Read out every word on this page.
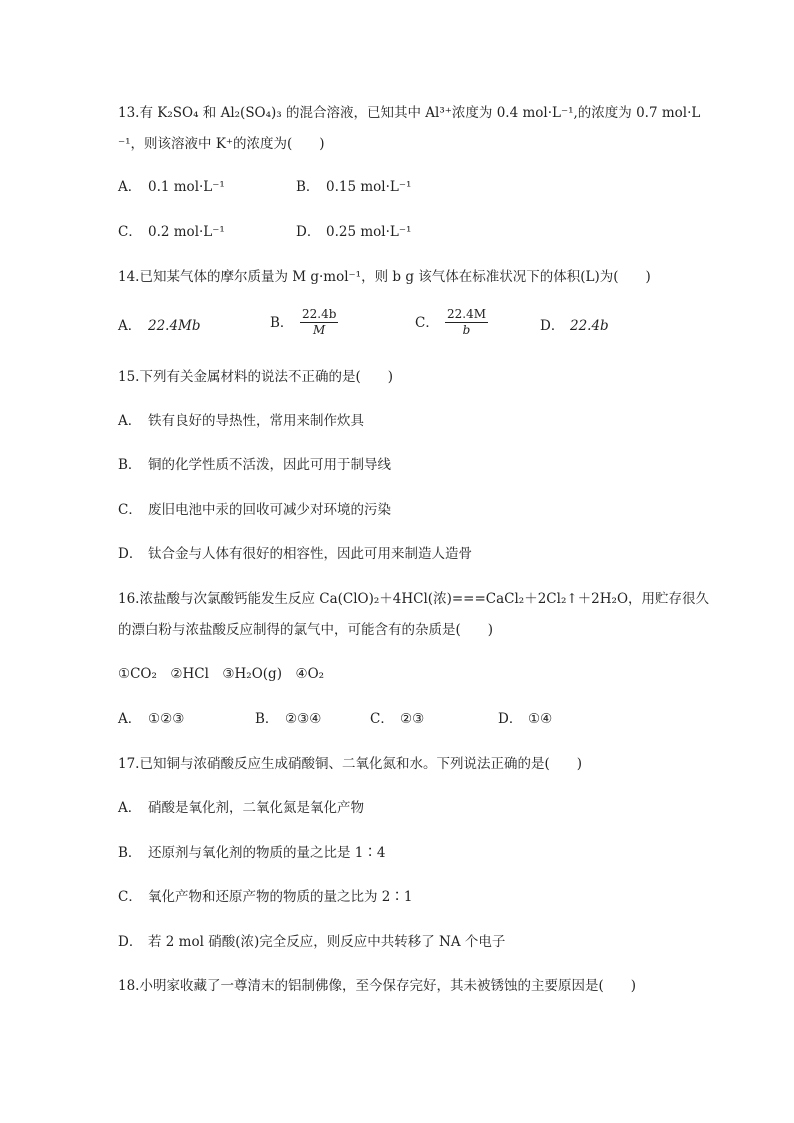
13.有 K₂SO₄ 和 Al₂(SO₄)₃ 的混合溶液，已知其中 Al³⁺浓度为 0.4 mol·L⁻¹,的浓度为 0.7 mol·L
⁻¹，则该溶液中 K⁺的浓度为(　　)
A． 0.1 mol·L⁻¹	B． 0.15 mol·L⁻¹
C． 0.2 mol·L⁻¹	D． 0.25 mol·L⁻¹
14.已知某气体的摩尔质量为 M g·mol⁻¹，则 b g 该气体在标准状况下的体积(L)为(　　)
A． 22.4Mb	B． $\frac{22.4b}{M}$	C． $\frac{22.4M}{b}$	D． 22.4b
15.下列有关金属材料的说法不正确的是(　　)
A． 铁有良好的导热性，常用来制作炊具
B． 铜的化学性质不活泼，因此可用于制导线
C． 废旧电池中汞的回收可减少对环境的污染
D． 钛合金与人体有很好的相容性，因此可用来制造人造骨
16.浓盐酸与次氯酸钙能发生反应 Ca(ClO)₂＋4HCl(浓)===CaCl₂＋2Cl₂↑＋2H₂O，用贮存很久
的漂白粉与浓盐酸反应制得的氯气中，可能含有的杂质是(　　)
①CO₂　②HCl　③H₂O(g)　④O₂
A． ①②③	B． ②③④	C． ②③	D． ①④
17.已知铜与浓硝酸反应生成硝酸铜、二氧化氮和水。下列说法正确的是(　　)
A． 硝酸是氧化剂，二氧化氮是氧化产物
B． 还原剂与氧化剂的物质的量之比是 1∶4
C． 氧化产物和还原产物的物质的量之比为 2∶1
D． 若 2 mol 硝酸(浓)完全反应，则反应中共转移了 NA 个电子
18.小明家收藏了一尊清末的铝制佛像，至今保存完好，其未被锈蚀的主要原因是(　　)
